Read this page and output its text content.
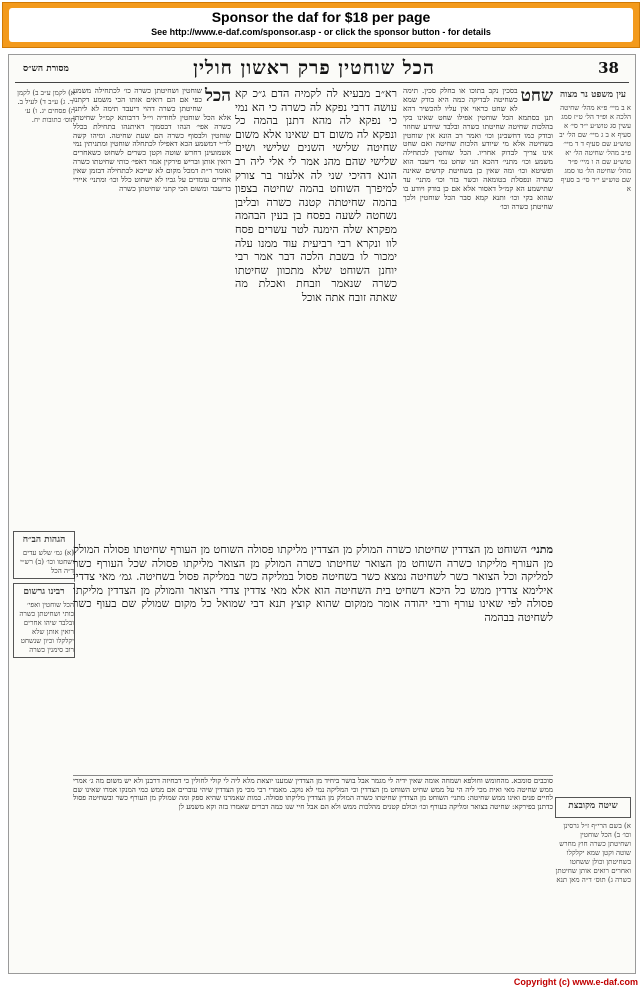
Sponsor the daf for $18 per page
See http://www.e-daf.com/sponsor.asp - or click the sponsor button - for details
38
הכל שוחטין פרק ראשון חולין
מסורת הש״ס
עין משפט נר מצוה
א ב מיי׳ פ״א מהל׳ שחיטה הלכה א ופ״ד הל׳ ט״ז סמג עשין סג טוש״ע י״ד סי׳ א סעיף א ב ג מיי׳ שם הל׳ יב טוש״ע שם סעיף ד ד מיי׳ פ״ב מהל׳ שחיטה הל׳ יא טוש״ע שם ה ו מיי׳ פ״ד מהל׳ שחיטה הל׳ טו סמג שם טוש״ע י״ד סי׳ ב סעיף א
שיטה מקובצת
א) בשם הרי״ף ז״ל גרסינן וכו׳ ב) הכל שוחטין ושחיטתן כשרה חוץ מחרש שוטה וקטן שמא יקלקלו בשחיטתן וכולן ששחטו ואחרים רואים אותן שחיטתן כשרה ג) תוס׳ ד״ה מאן תנא
א) לקמן ע״ב ב) לקמן יד. ג) ע״ב ד) לעיל ב. ה) פסחים יג. ו) ע׳ תוס׳ כתובות יח.
הגהות הב״ח
(א) גמ׳ שלש עדים ושחטו וכו׳ (ב) רש״י ד״ה הכל
רבינו גרשום
הכל שוחטין ואפי׳ כותי ושחיטתן כשרה ובלבד שיהו אחרים רואין אותן שלא יקלקלו וכיון שנשחט רוב סימנין כשרה
שחט
בסכין נקב בתוכו או בחלק סכין. תימה כשחיטה לבדיקה כמה היא בודק שמא לא שחט כראוי אין עליו להכשיר דהא תנן בסתמא הכל שוחטין אפילו שחט שאינו בקי בהלכות שחיטה שחיטתו כשרה ובלבד שיודע שחוזר ובודק כמו דחשבינן וכו׳ ואמר רב הונא אין שוחטין בשחיטה אלא מי שיודע הלכות שחיטה ואם שחט אינו צריך לבדוק אחריו. הכל שוחטין לכתחילה משמע וכו׳ מתני׳ דהכא תני שחט נמי דיעבד הוא ופשיטא וכו׳ ומה שאין כן בשחיטת קדשים שאינה כשרה ונפסלת בטומאה וכשר בזר וכו׳ מתני׳ עד שתישמע הא קמ״ל דאסור אלא אם כן בודק ויודע בו שהוא בקי וכו׳ ותנא קמא סבר הכל שוחטין ולכך שחיטתן כשרה וכו׳
רא״ב מבעיא לה לקמיה הדם ג״כ קא עושה דרבי נפקא לה כשרה כי הא נמי כי נפקא לה מהא דתנן בהמה כל ונפקא לה משום דם שאינו אלא משום שחיטה שלישי השנים שלישי ושים שלישי שהם מהנ אמר לי אלי ליה רב הונא דהיכי שני לה אלעזר בר צורק למיפרך השוחט בהמה שחיטה בצפון בהמה שחיטתה קטנה כשרה ובליבן נשחטה לשעה בפסח בן בעין הבהמה מפקרא שלה הימנה לטר עשרים פסח לוו ונקרא רבי רביעית עוד ממנו עלה ימכור לו בשבת הלכה דבר אמר רבי יוחנן השוחט שלא מתכוון שחיטתו כשרה שנאמר וזבחת ואכלת מה שאתה זובח אתה אוכל
הכל
שוחטין ושחיטתן כשרה כו׳ לכתחילה משמע כפי אם הם רואים אותו הכי משמע דקתני שחיטתן כשרה דהוי דיעבד תימה לא ליתני אלא הכל שוחטין לחודיה וי״ל דרבותא קמ״ל שחיטתן כשרה אפי׳ הנהו דבסמוך דאיתנהו בתחילת בכלל שוחטין ולבסוף כשרה הם שעת שחיטה. ומיהו קשה לר״י דמשמע הכא דאפילו לכתחלה שוחטין ומתניתין נמי אשמועינן דחרש שוטה וקטן כשרים לשחוט כשאחרים רואין אותן ובריש פירקין אמר דאפי׳ כותי שחיטתו כשרה ואומר ר״ת דמכל מקום לא שייכא לכתחילה דבזמן שאין אחרים עומדים על גביו לא ישחוט כלל וכו׳ ומתני׳ איירי בדיעבד ומשום הכי קתני שחיטתן כשרה
מתני׳ השוחט מן הצדדין שחיטתו כשרה המולק מן הצדדין מליקתו פסולה השוחט מן העורף שחיטתו פסולה המולק מן העורף מליקתו כשרה השוחט מן הצואר שחיטתו כשרה המולק מן הצואר מליקתו פסולה שכל העורף כשר למליקה וכל הצואר כשר לשחיטה נמצא כשר בשחיטה פסול במליקה כשר במליקה פסול בשחיטה. גמ׳ מאי צדדין אילימא צדדין ממש כל היכא דשחיט בית השחיטה הוא אלא מאי צדדין צדדי הצואר והמולק מן הצדדין מליקתו פסולה לפי שאינו עורף ורבי יהודה אומר ממקום שהוא קוצץ תנא דבי שמואל כל מקום שמולק שם בעוף כשר לשחיטה בבהמה
סוכבים סומכא. מהחומש וחולפא ושמחה אומה שאין ידיה לי מגמר אבל בושר ביחיד מן הצדדין שמענו יוצאת מלא ליה לי קולי לחולין כי דבחיזה דרבנן ולא יש משום מה ג׳ אמרי ממש שחיטה מאי ואית מכי ליה הי על ממש שחיט השוחט מן הצדדין וכי המליקה נמי לא נוקב. מאמרי רבי מכי מן הצדדין שיהי עוברים אם ממש כמי המנקו אמרו שאינו שם לחיים פנים ואינו ממש שחיטה: מתני׳ השוחט מן הצדדין שחיטתו כשרה המולק מן הצדדין מליקתו פסולה. כמות שאמרנו שהיא ספק ומה שמולק מן העורף כשר ובשחיטה פסול כדתנן בפירקא: שחיטה בצואר ומליקה בעורף וכו׳ וכולם קטנים מהלכות ממש ולא הם אבל חיי שנו כמה דברים שאמרו בזה וקא משמע לן
Copyright (c) www.e-daf.com
